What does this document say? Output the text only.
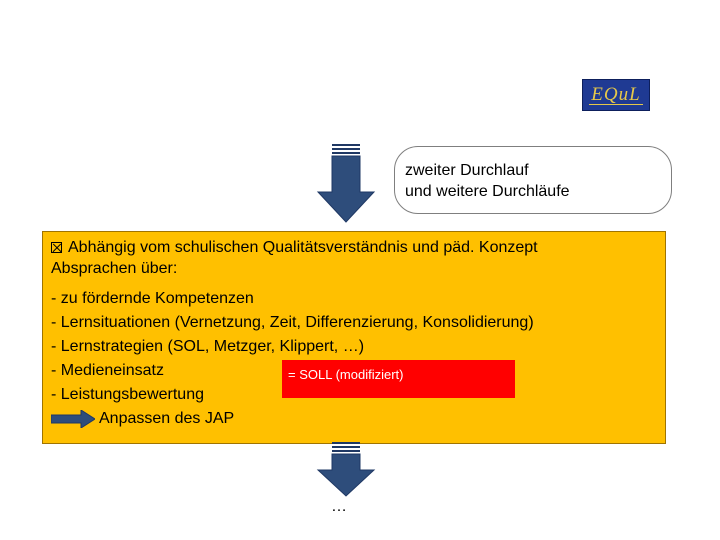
EQuL
zweiter Durchlauf
und weitere Durchläufe
Abhängig vom schulischen Qualitätsverständnis und päd. Konzept
Absprachen über:
- zu fördernde Kompetenzen
- Lernsituationen (Vernetzung, Zeit, Differenzierung, Konsolidierung)
- Lernstrategien (SOL, Metzger, Klippert, …)
- Medieneinsatz
- Leistungsbewertung
= SOLL (modifiziert)
Anpassen des JAP
…
